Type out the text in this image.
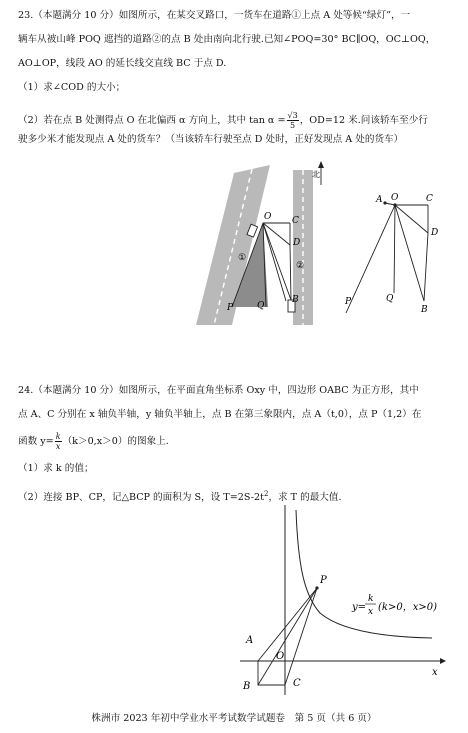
23.（本题满分 10 分）如图所示，在某交叉路口，一货车在道路①上点 A 处等候“绿灯”，一
辆车从被山峰 POQ 遮挡的道路②的点 B 处由南向北行驶.已知∠POQ=30° BC∥OQ，OC⊥OQ，
AO⊥OP，线段 AO 的延长线交直线 BC 于点 D.
（1）求∠COD 的大小；
（2）若在点 B 处测得点 O 在北偏西 α 方向上，其中 $\tan \alpha = \frac{√3}{5}$ ，OD=12 米.问该轿车至少行
驶多少米才能发现点 A 处的货车？（当该轿车行驶至点 D 处时，正好发现点 A 处的货车）
北
O C
D
P	Q
B
①
②
A O	C
D
P	Q
B
24.（本题满分 10 分）如图所示，在平面直角坐标系 Oxy 中，四边形 OABC 为正方形，其中
点 A、C 分别在 x 轴负半轴，y 轴负半轴上，点 B 在第三象限内，点 A（t,0），点 P（1,2）在
函数 $y= \frac{k}{x} (k>0,x>0)$的图象上.
（1）求 k 的值；
（2）连接 BP、CP，记△BCP 的面积为 S，设 $T=2S-2t^2$，求 T 的最大值.
P
A
O
x
B	C
y=
k
x (k>0，x>0)
株洲市 2023 年初中学业水平考试数学试题卷　第 5 页（共 6 页）
